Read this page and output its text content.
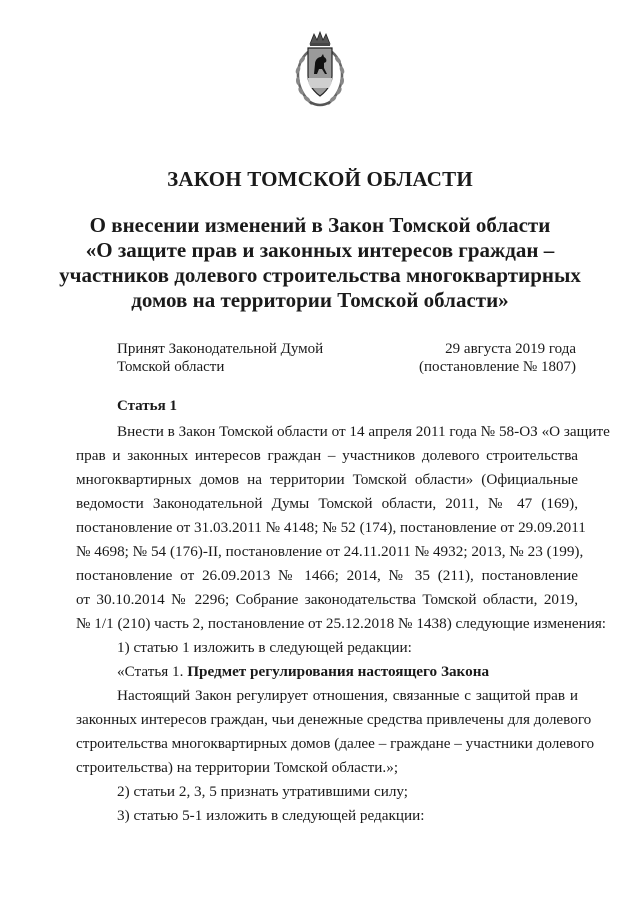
ЗАКОН ТОМСКОЙ ОБЛАСТИ
О внесении изменений в Закон Томской области
«О защите прав и законных интересов граждан –
участников долевого строительства многоквартирных
домов на территории Томской области»
Принят Законодательной Думой
Томской области
29 августа 2019 года
(постановление № 1807)
Статья 1
Внести в Закон Томской области от 14 апреля 2011 года № 58-ОЗ «О защите
прав и законных интересов граждан – участников долевого строительства
многоквартирных домов на территории Томской области» (Официальные
ведомости Законодательной Думы Томской области, 2011, № 47 (169),
постановление от 31.03.2011 № 4148; № 52 (174), постановление от 29.09.2011
№ 4698; № 54 (176)-II, постановление от 24.11.2011 № 4932; 2013, № 23 (199),
постановление от 26.09.2013 № 1466; 2014, № 35 (211), постановление
от 30.10.2014 № 2296; Собрание законодательства Томской области, 2019,
№ 1/1 (210) часть 2, постановление от 25.12.2018 № 1438) следующие изменения:
1) статью 1 изложить в следующей редакции:
«Статья 1. Предмет регулирования настоящего Закона
Настоящий Закон регулирует отношения, связанные с защитой прав и
законных интересов граждан, чьи денежные средства привлечены для долевого
строительства многоквартирных домов (далее – граждане – участники долевого
строительства) на территории Томской области.»;
2) статьи 2, 3, 5 признать утратившими силу;
3) статью 5-1 изложить в следующей редакции:
